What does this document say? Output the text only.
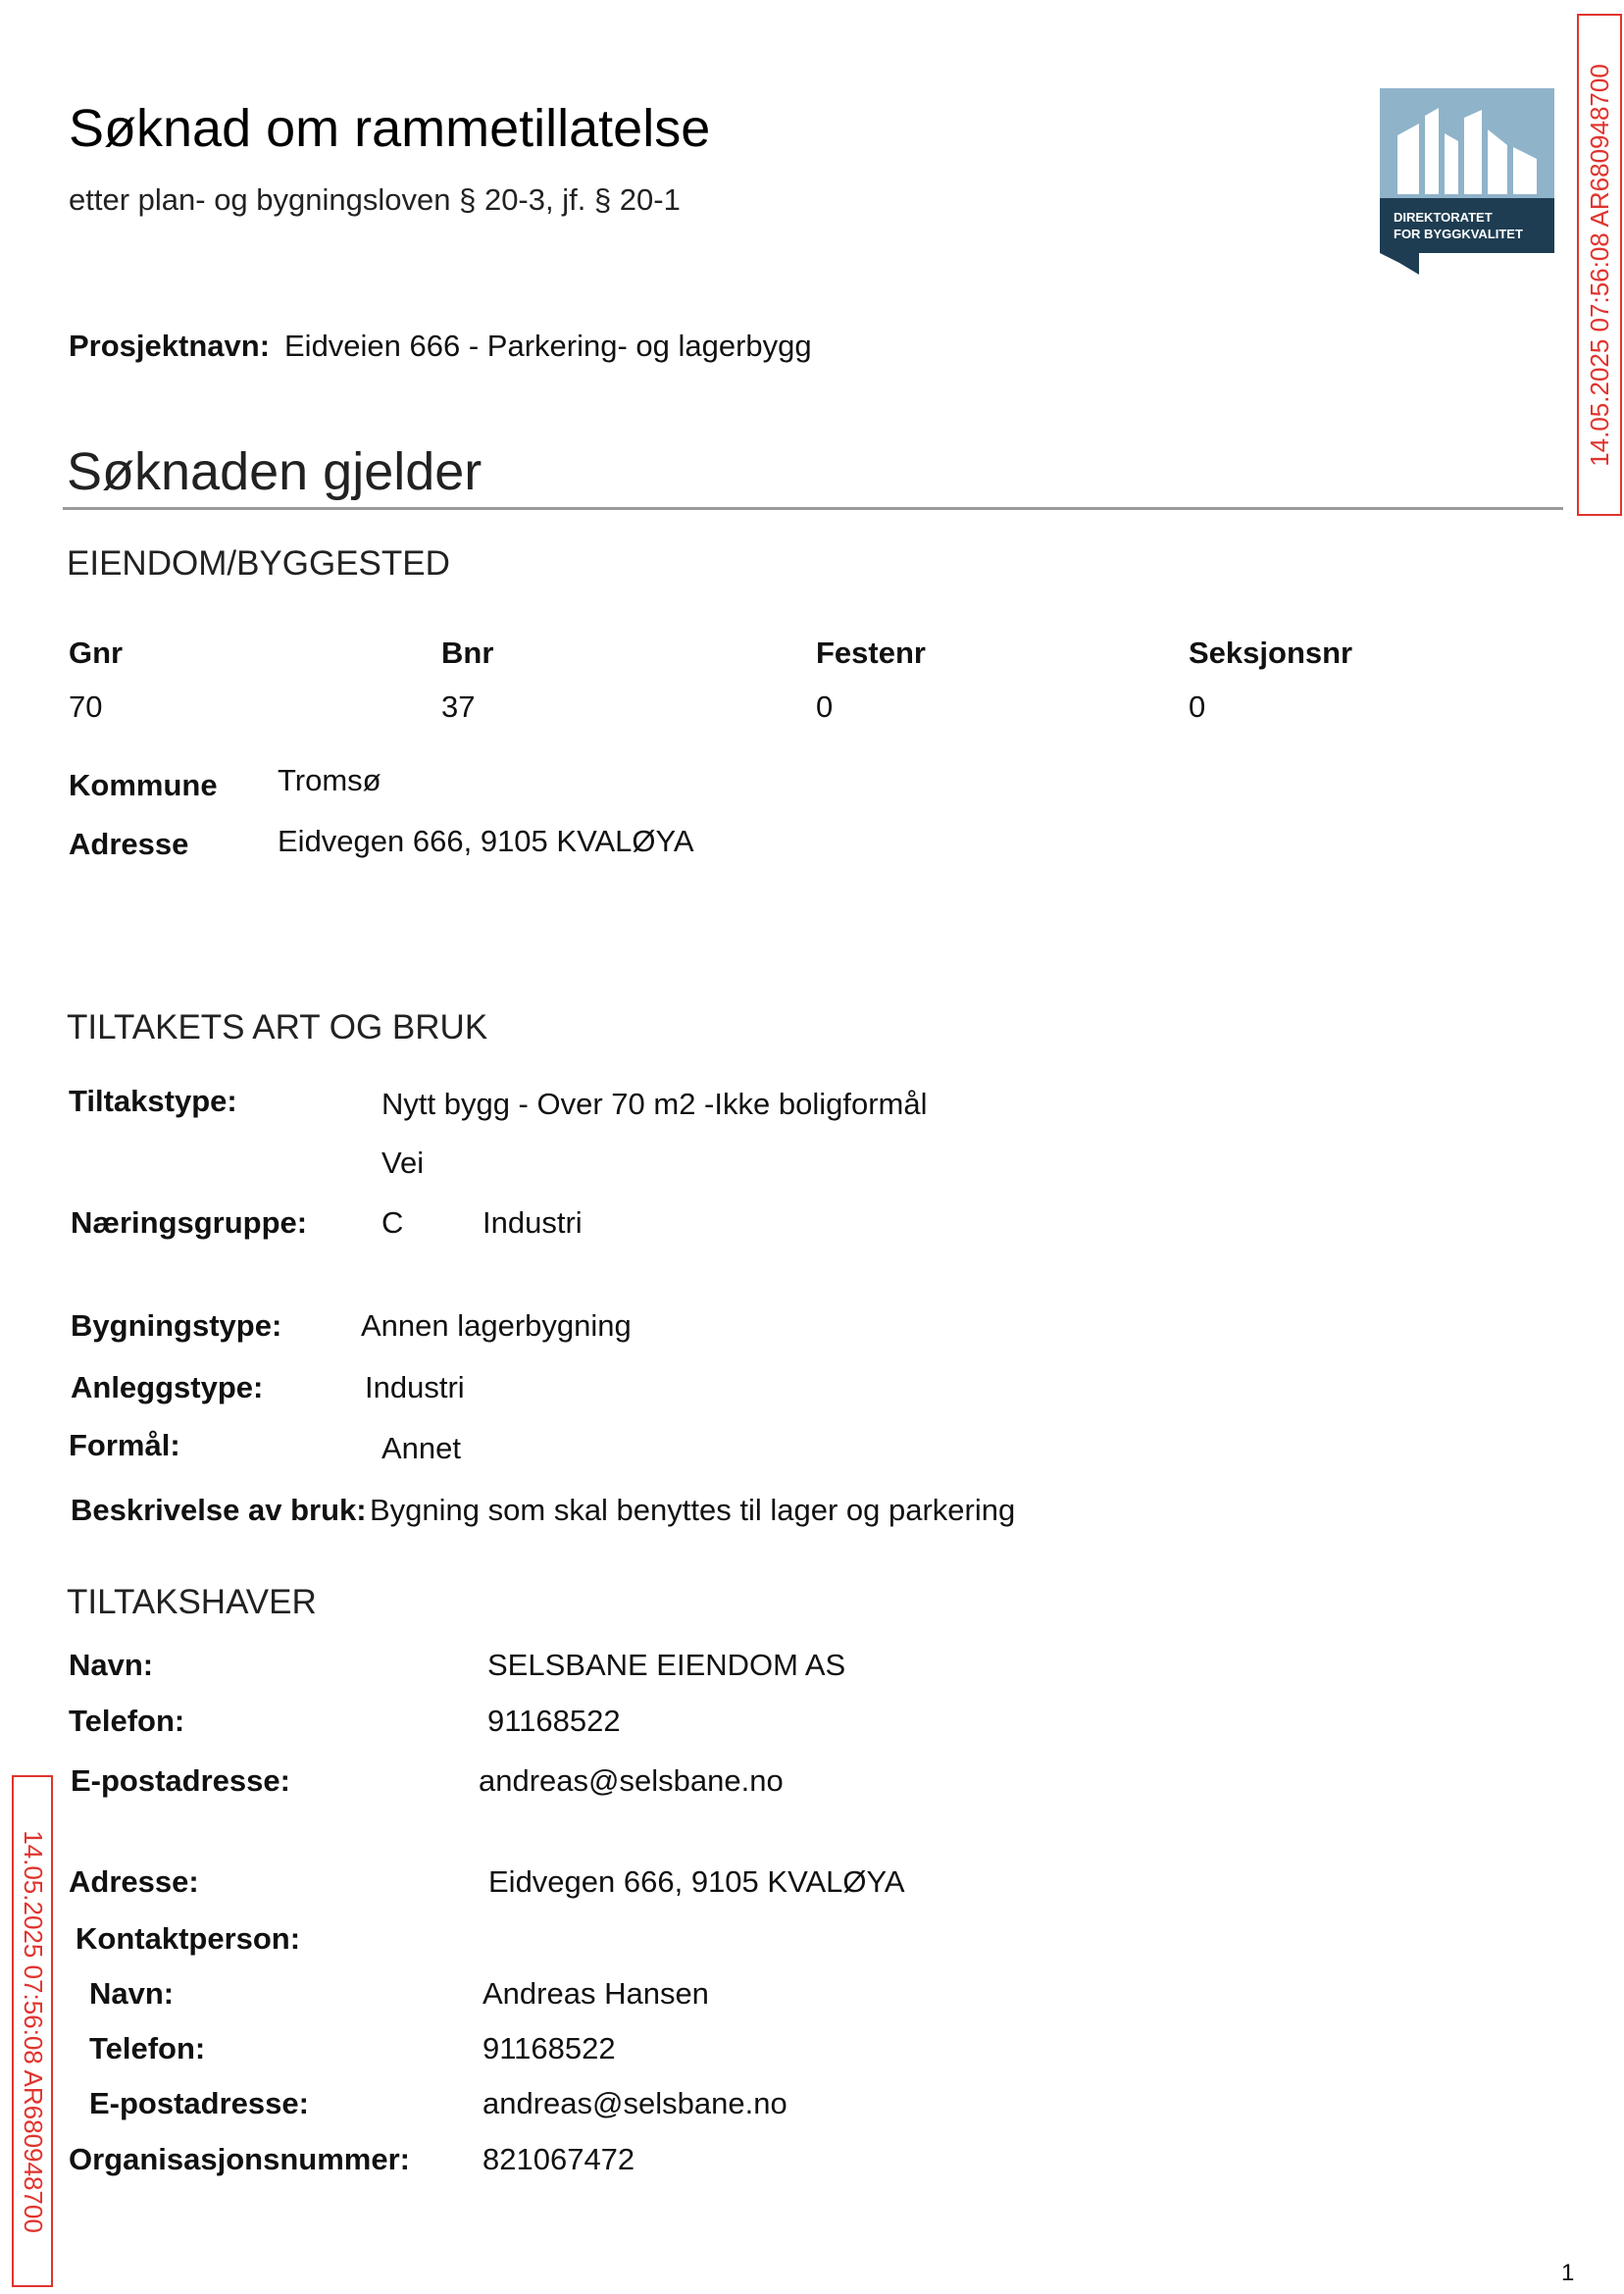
Søknad om rammetillatelse
etter plan- og bygningsloven § 20-3, jf. § 20-1
DIREKTORATET
FOR BYGGKVALITET 14.05.2025 07:56:08 AR680948700
14.05.2025 07:56:08 AR680948700
Prosjektnavn: Eidveien 666 - Parkering- og lagerbygg
Søknaden gjelder
EIENDOM/BYGGESTED
Gnr	Bnr	Festenr	Seksjonsnr
70	37	0	0
Kommune Tromsø
Adresse	Eidvegen 666, 9105 KVALØYA
TILTAKETS ART OG BRUK
Tiltakstype:	Nytt bygg - Over 70 m2 -Ikke boligformål
Vei
Næringsgruppe: C	Industri
Bygningstype:	Annen lagerbygning
Anleggstype:	Industri
Formål:	Annet
Beskrivelse av bruk: Bygning som skal benyttes til lager og parkering
TILTAKSHAVER
Navn:	SELSBANE EIENDOM AS
Telefon:	91168522
E-postadresse:	andreas@selsbane.no
Adresse:	Eidvegen 666, 9105 KVALØYA
Kontaktperson:
Navn:	Andreas Hansen
Telefon:	91168522
E-postadresse:	andreas@selsbane.no
Organisasjonsnummer: 821067472
1
